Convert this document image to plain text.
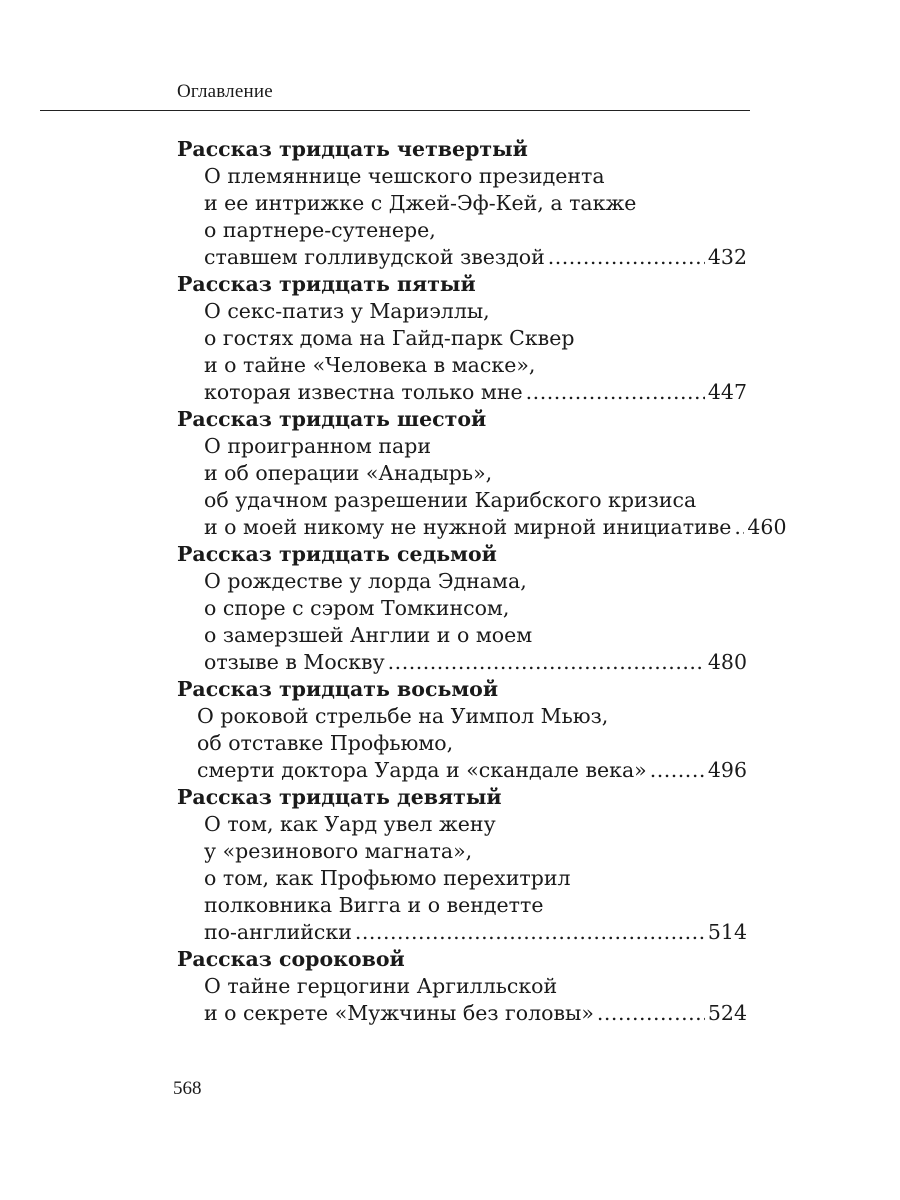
Оглавление
Рассказ тридцать четвертый
О племяннице чешского президента
и ее интрижке с Джей-Эф-Кей, а также
о партнере-сутенере,
ставшем голливудской звездой .....	432
Рассказ тридцать пятый
О секс-патиз у Мариэллы,
о гостях дома на Гайд-парк Сквер
и о тайне «Человека в маске»,
которая известна только мне .....	447
Рассказ тридцать шестой
О проигранном пари
и об операции «Анадырь»,
об удачном разрешении Карибского кризиса
и о моей никому не нужной мирной инициативе ..... 460
Рассказ тридцать седьмой
О рождестве у лорда Эднама,
о споре с сэром Томкинсом,
о замерзшей Англии и о моем
отзыве в Москву .....	480
Рассказ тридцать восьмой
О роковой стрельбе на Уимпол Мьюз,
об отставке Профьюмо,
смерти доктора Уарда и «скандале века» .....	496
Рассказ тридцать девятый
О том, как Уард увел жену
у «резинового магната»,
о том, как Профьюмо перехитрил
полковника Вигга и о вендетте
по-английски .....	514
Рассказ сороковой
О тайне герцогини Аргилльской
и о секрете «Мужчины без головы» .....	524
568
